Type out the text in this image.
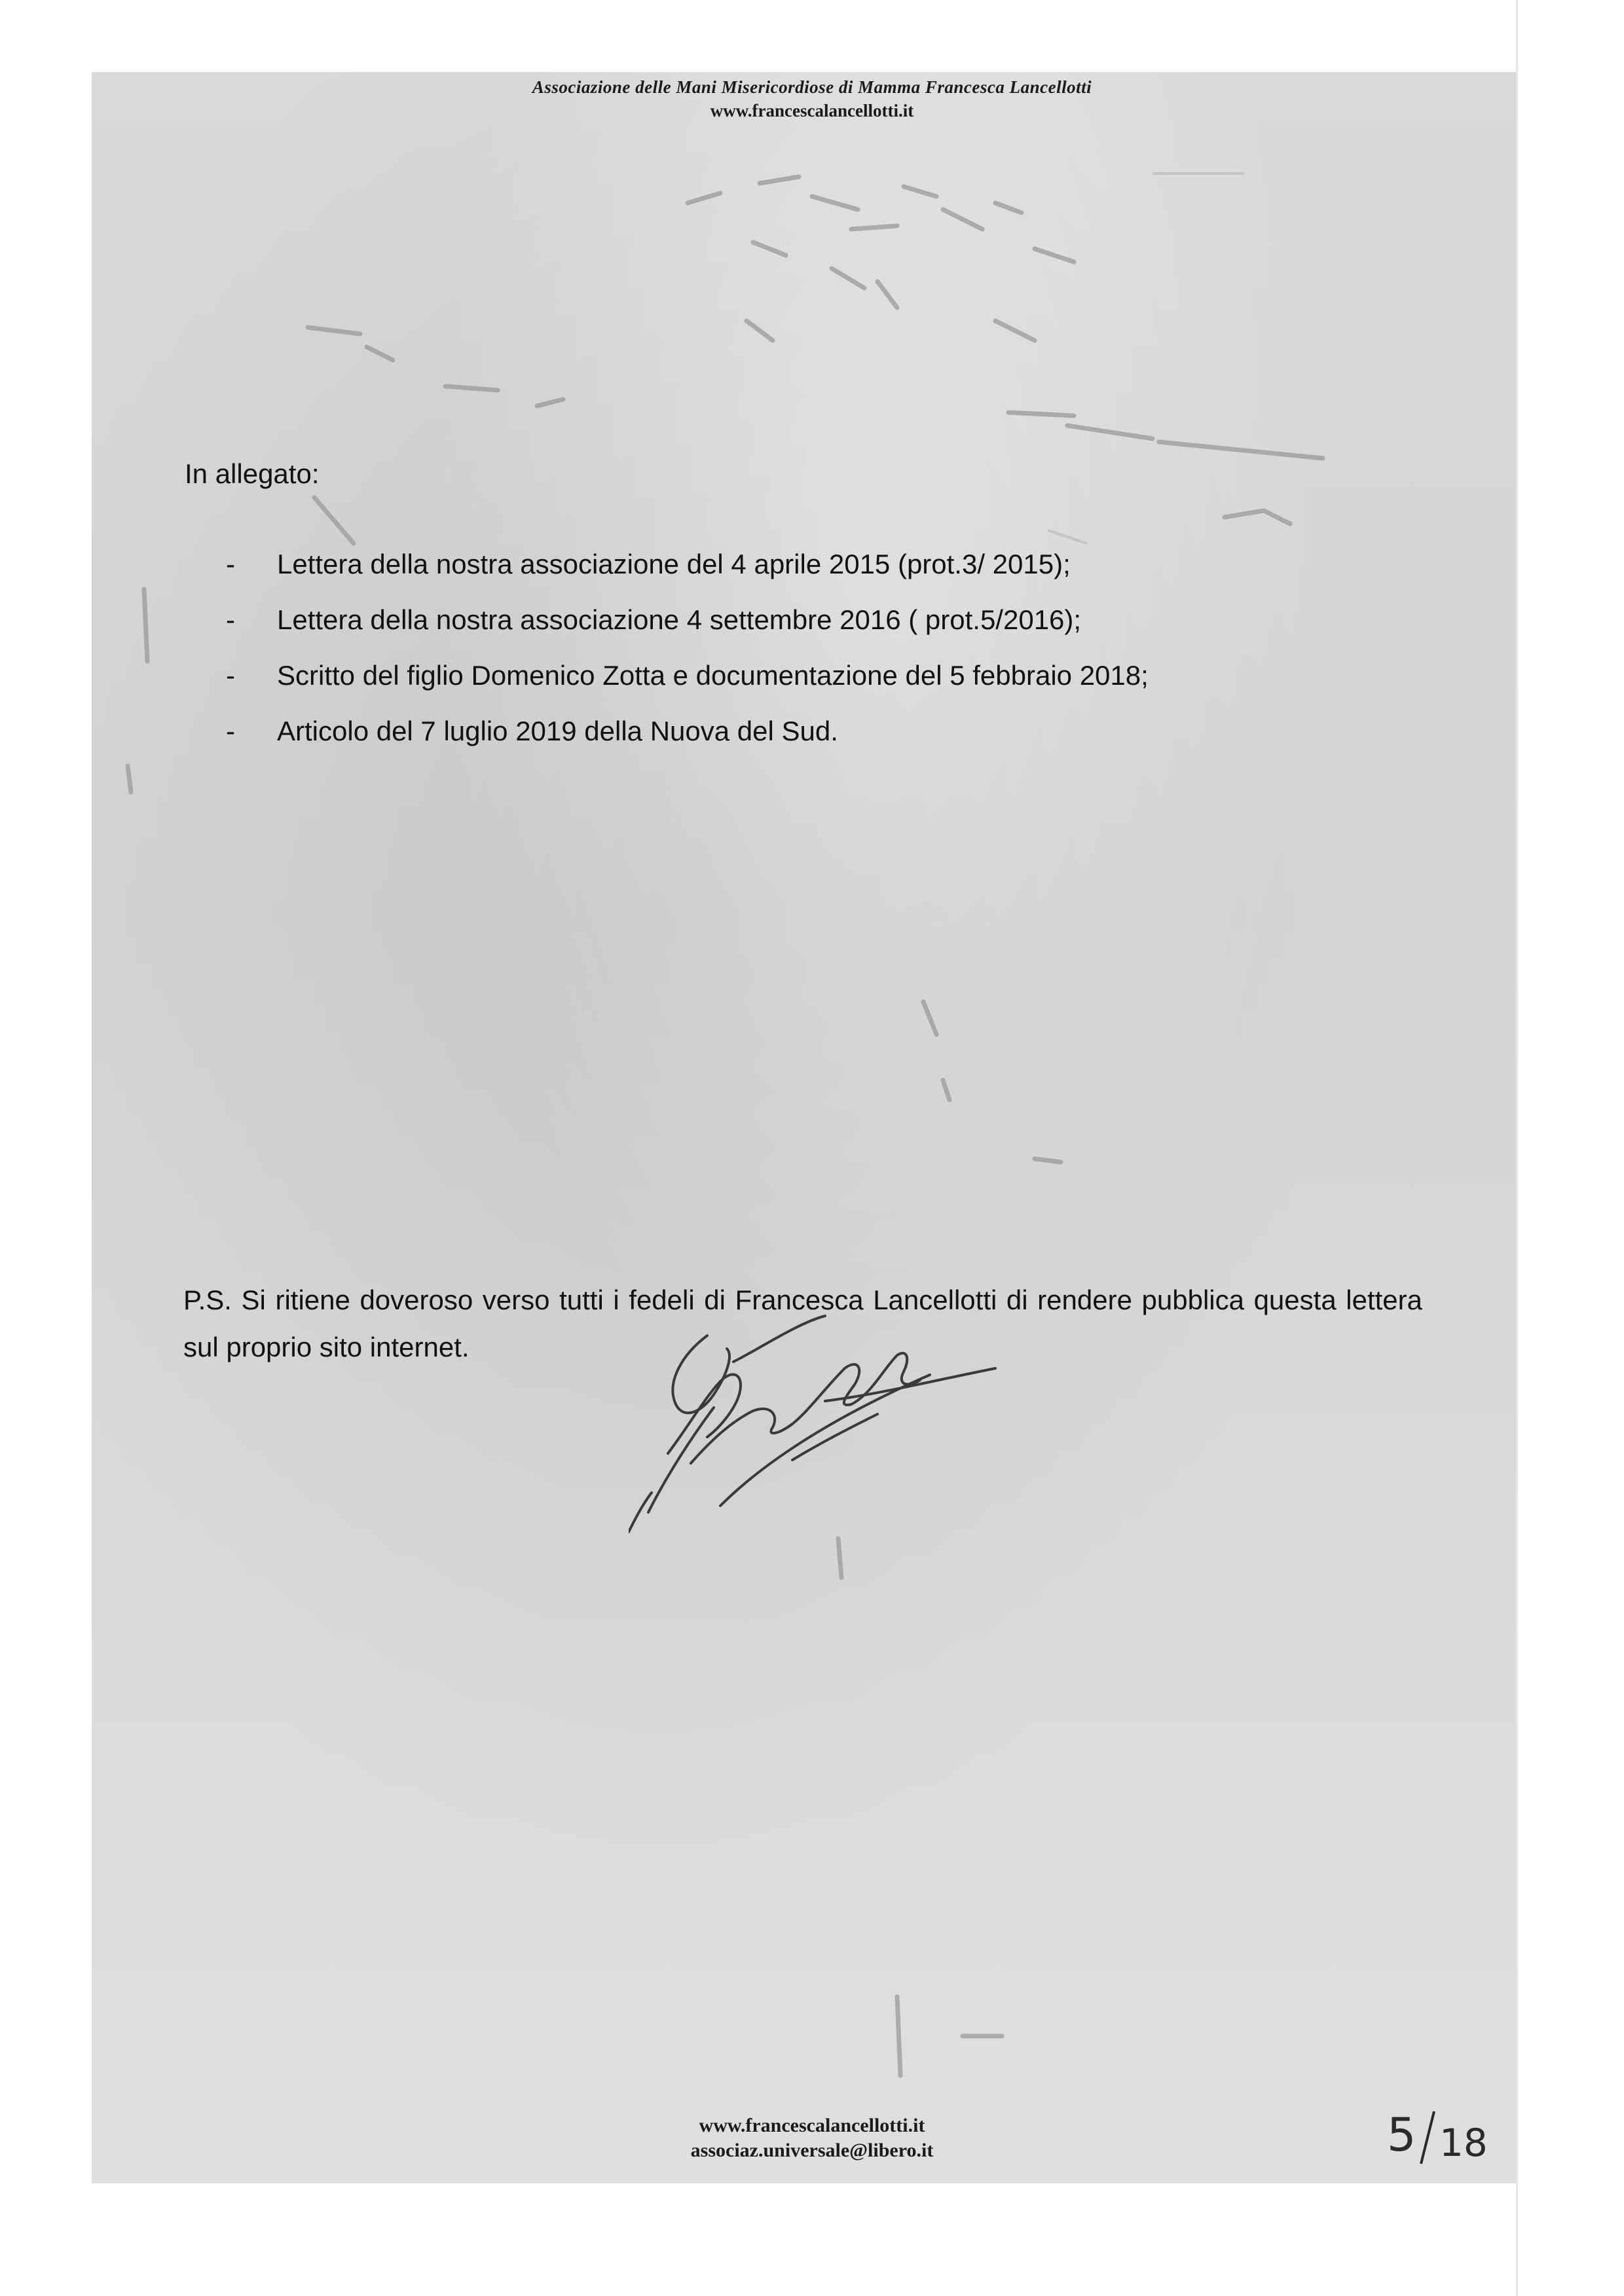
Associazione delle Mani Misericordiose di Mamma Francesca Lancellotti
www.francescalancellotti.it
In allegato:
- Lettera della nostra associazione del 4 aprile 2015 (prot.3/ 2015);
- Lettera della nostra associazione 4 settembre 2016 ( prot.5/2016);
- Scritto del figlio Domenico Zotta e documentazione del 5 febbraio 2018;
- Articolo del 7 luglio 2019 della Nuova del Sud.
P.S. Si ritiene doveroso verso tutti i fedeli di Francesca Lancellotti di rendere pubblica questa lettera sul proprio sito internet.
www.francescalancellotti.it
associaz.universale@libero.it	5 18
